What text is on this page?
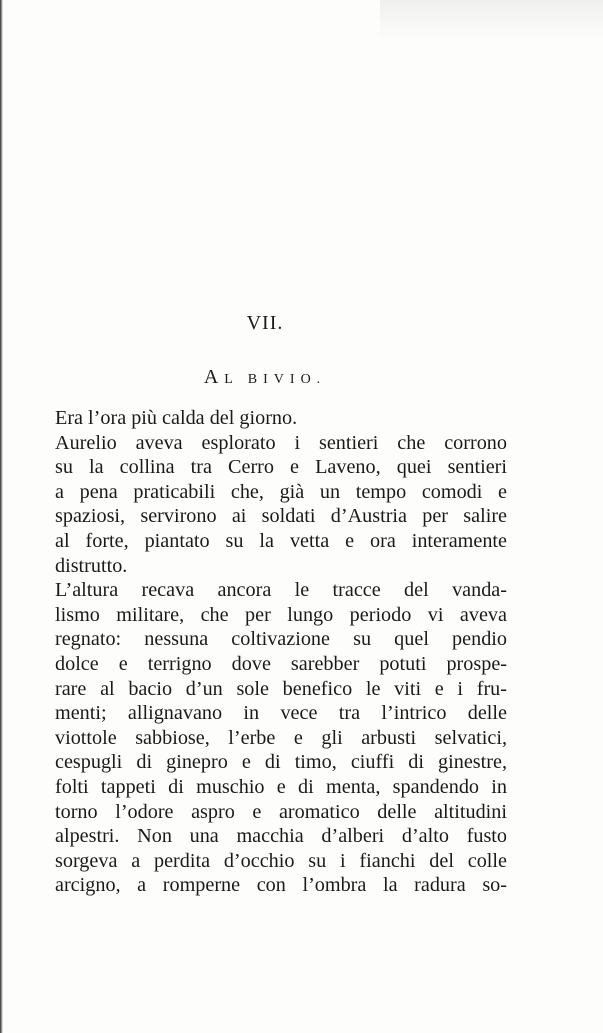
VII.
AL BIVIO.
Era l’ora più calda del giorno.
Aurelio aveva esplorato i sentieri che corrono
su la collina tra Cerro e Laveno, quei sentieri
a pena praticabili che, già un tempo comodi e
spaziosi, servirono ai soldati d’Austria per salire
al forte, piantato su la vetta e ora interamente
distrutto.
L’altura recava ancora le tracce del vanda-
lismo militare, che per lungo periodo vi aveva
regnato: nessuna coltivazione su quel pendio
dolce e terrigno dove sarebber potuti prospe-
rare al bacio d’un sole benefico le viti e i fru-
menti; allignavano in vece tra l’intrico delle
viottole sabbiose, l’erbe e gli arbusti selvatici,
cespugli di ginepro e di timo, ciuffi di ginestre,
folti tappeti di muschio e di menta, spandendo in
torno l’odore aspro e aromatico delle altitudini
alpestri. Non una macchia d’alberi d’alto fusto
sorgeva a perdita d’occhio su i fianchi del colle
arcigno, a romperne con l’ombra la radura so-
